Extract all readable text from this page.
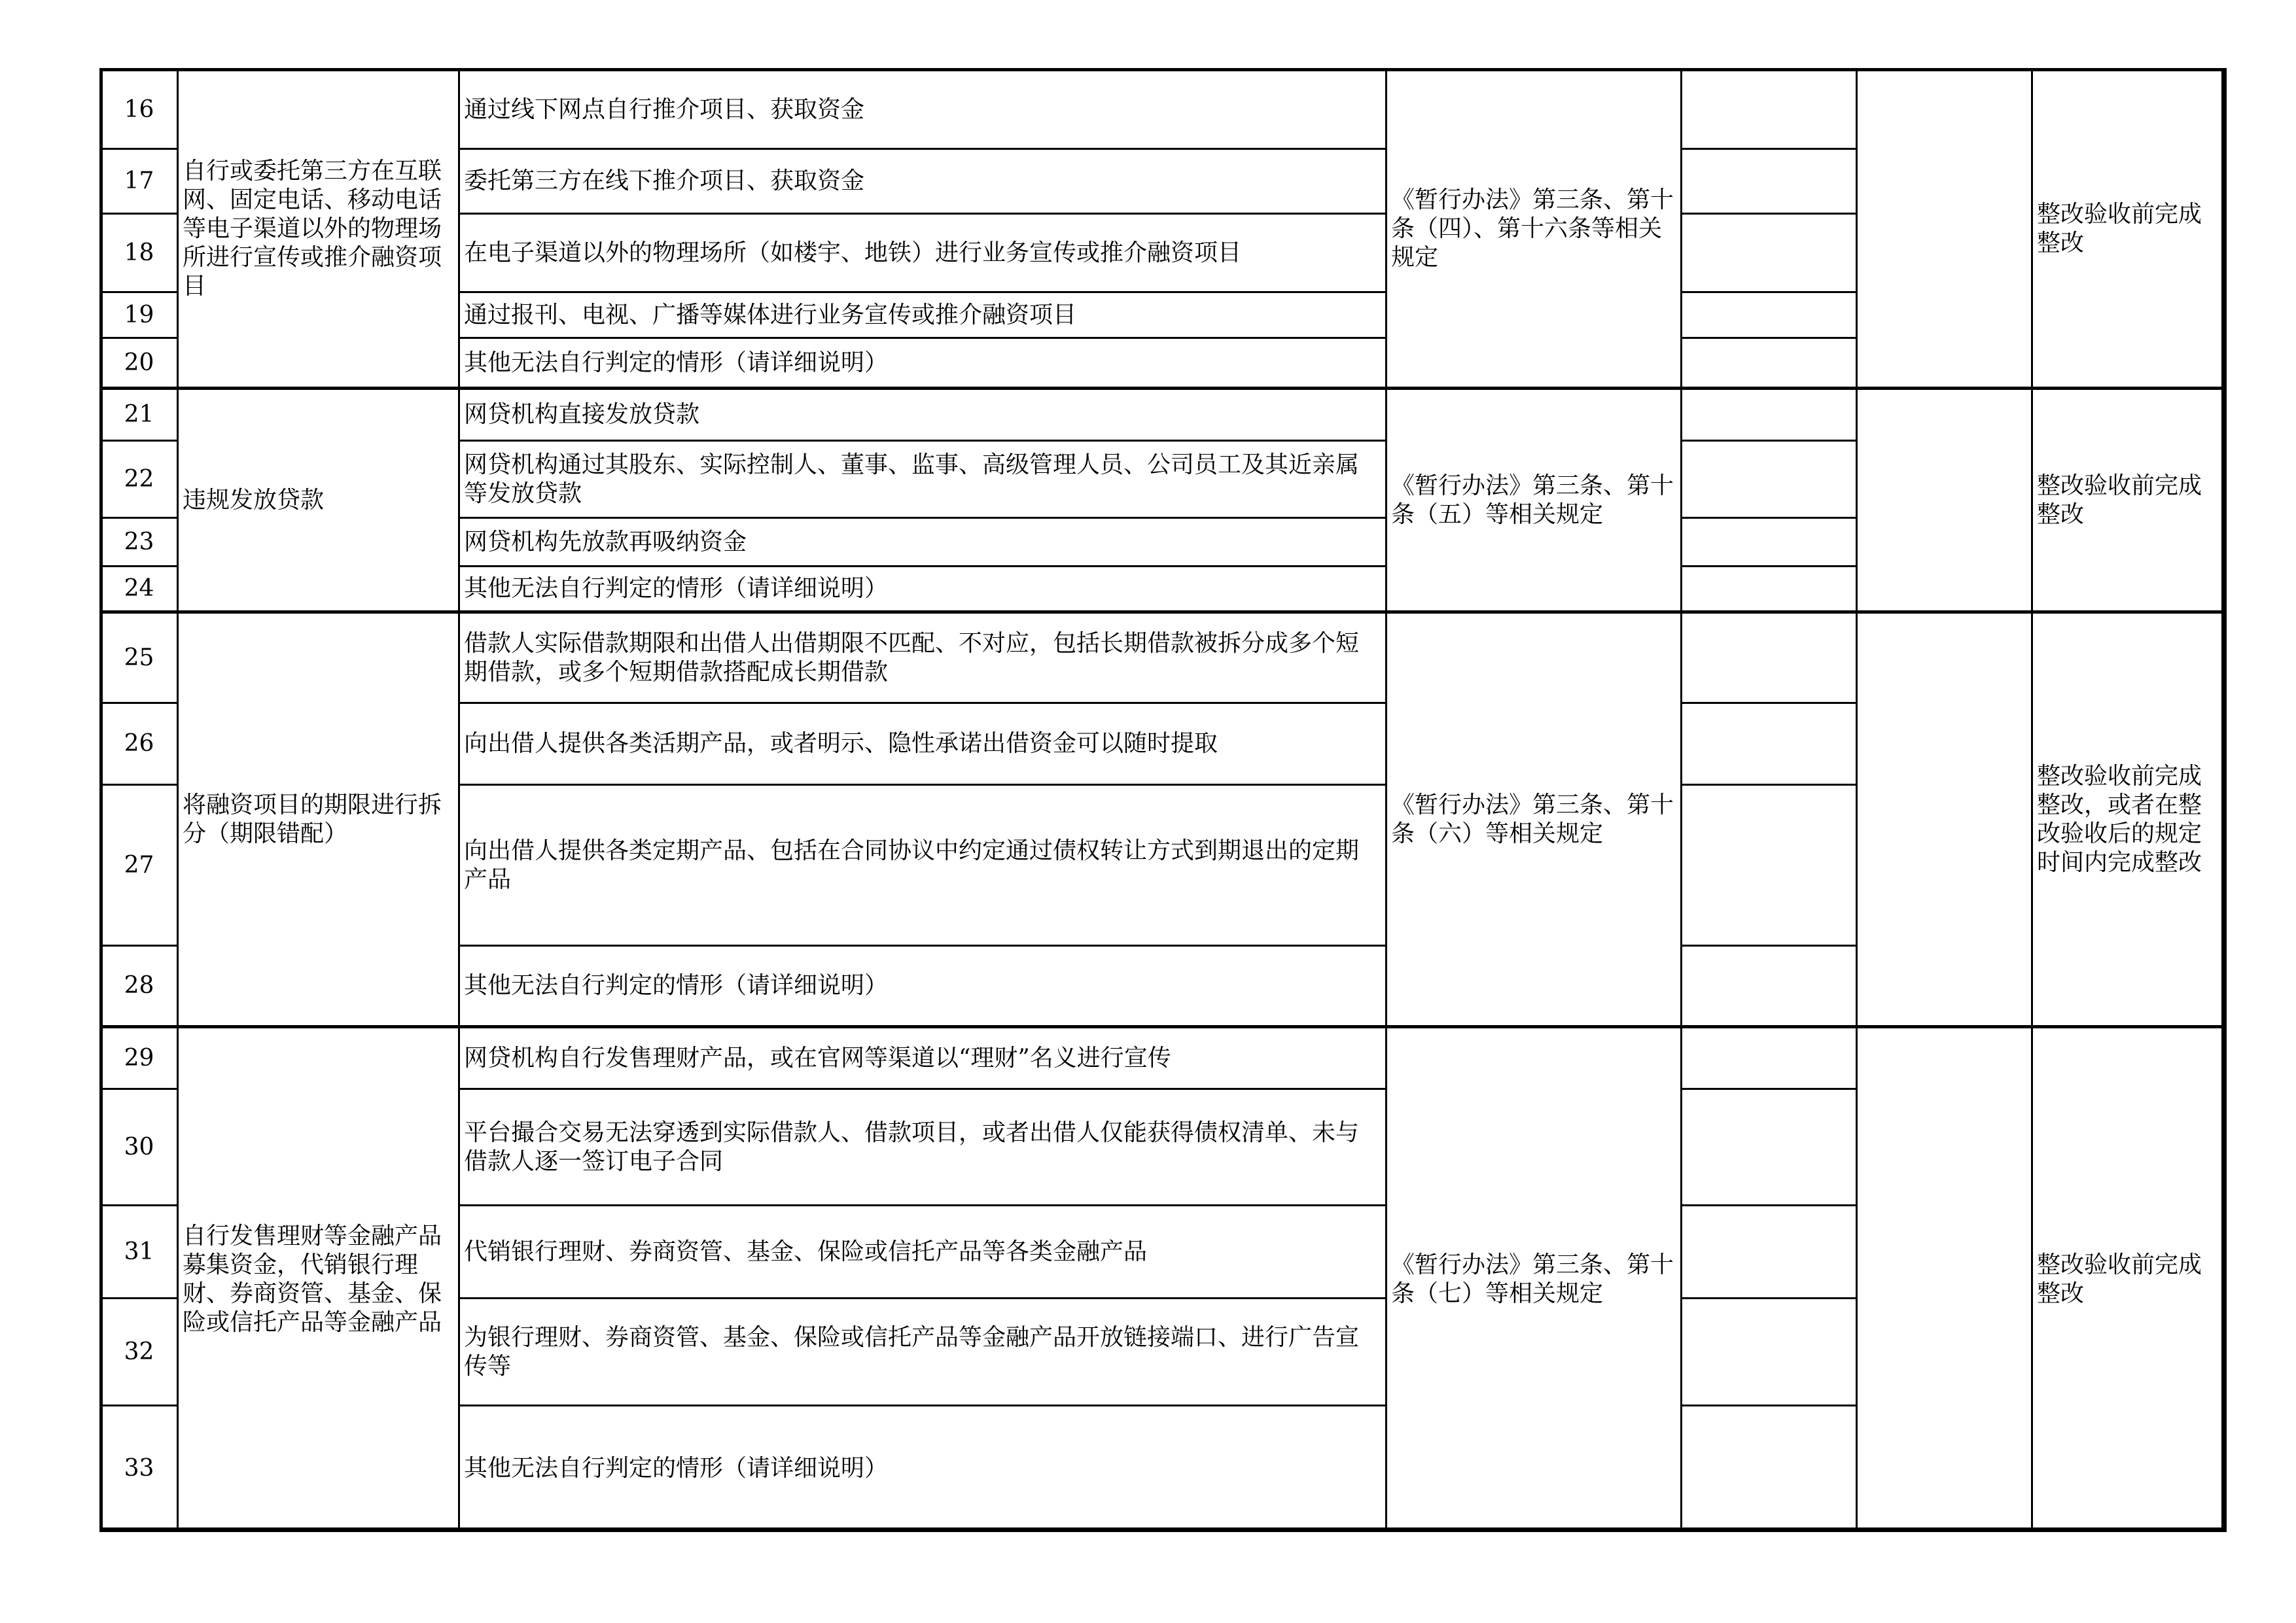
16	自行或委托第三方在互联网、固定电话、移动电话等电子渠道以外的物理场所进行宣传或推介融资项目	通过线下网点自行推介项目、获取资金	《暂行办法》第三条、第十条（四）、第十六条等相关规定			整改验收前完成整改
17		委托第三方在线下推介项目、获取资金				
18		在电子渠道以外的物理场所（如楼宇、地铁）进行业务宣传或推介融资项目				
19		通过报刊、电视、广播等媒体进行业务宣传或推介融资项目				
20		其他无法自行判定的情形（请详细说明）				
21	违规发放贷款	网贷机构直接发放贷款	《暂行办法》第三条、第十条（五）等相关规定			整改验收前完成整改
22		网贷机构通过其股东、实际控制人、董事、监事、高级管理人员、公司员工及其近亲属等发放贷款				
23		网贷机构先放款再吸纳资金				
24		其他无法自行判定的情形（请详细说明）				
25	将融资项目的期限进行拆分（期限错配）	借款人实际借款期限和出借人出借期限不匹配、不对应，包括长期借款被拆分成多个短期借款，或多个短期借款搭配成长期借款	《暂行办法》第三条、第十条（六）等相关规定			整改验收前完成整改，或者在整改验收后的规定时间内完成整改
26		向出借人提供各类活期产品，或者明示、隐性承诺出借资金可以随时提取				
27		向出借人提供各类定期产品、包括在合同协议中约定通过债权转让方式到期退出的定期产品				
28		其他无法自行判定的情形（请详细说明）				
29	自行发售理财等金融产品募集资金，代销银行理财、券商资管、基金、保险或信托产品等金融产品	网贷机构自行发售理财产品，或在官网等渠道以“理财”名义进行宣传	《暂行办法》第三条、第十条（七）等相关规定			整改验收前完成整改
30		平台撮合交易无法穿透到实际借款人、借款项目，或者出借人仅能获得债权清单、未与借款人逐一签订电子合同				
31		代销银行理财、券商资管、基金、保险或信托产品等各类金融产品				
32		为银行理财、券商资管、基金、保险或信托产品等金融产品开放链接端口、进行广告宣传等				
33		其他无法自行判定的情形（请详细说明）				
